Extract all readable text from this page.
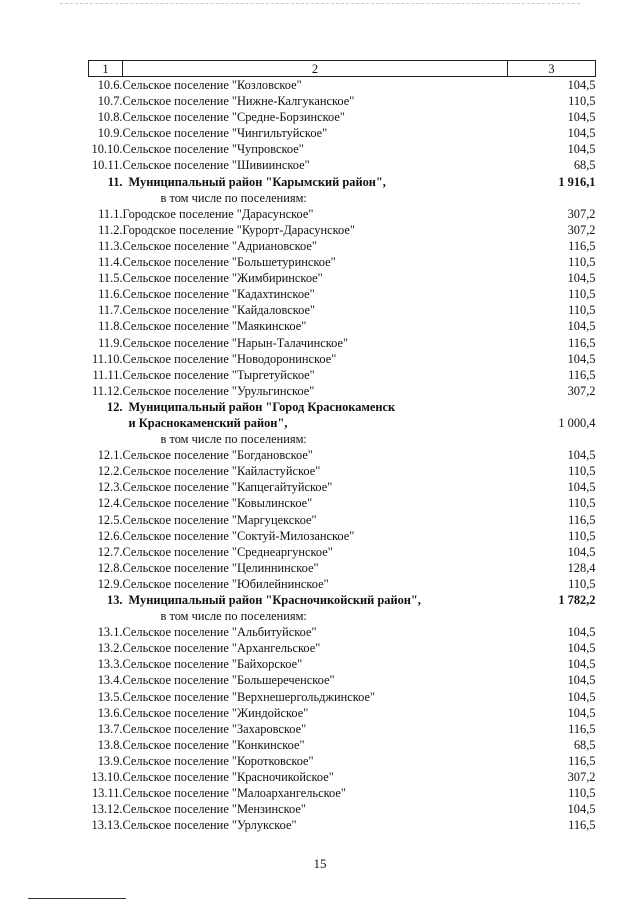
1	2	3
10.6.	Сельское поселение "Козловское"	104,5
10.7.	Сельское поселение "Нижне-Калгуканское"	110,5
10.8.	Сельское поселение "Средне-Борзинское"	104,5
10.9.	Сельское поселение "Чингильтуйское"	104,5
10.10.	Сельское поселение "Чупровское"	104,5
10.11.	Сельское поселение "Шивиинское"	68,5
11.	Муниципальный район "Карымский район",	1 916,1
	в том числе по поселениям:	
11.1.	Городское поселение "Дарасунское"	307,2
11.2.	Городское поселение "Курорт-Дарасунское"	307,2
11.3.	Сельское поселение "Адриановское"	116,5
11.4.	Сельское поселение "Большетуринское"	110,5
11.5.	Сельское поселение "Жимбиринское"	104,5
11.6.	Сельское поселение "Кадахтинское"	110,5
11.7.	Сельское поселение "Кайдаловское"	110,5
11.8.	Сельское поселение "Маякинское"	104,5
11.9.	Сельское поселение "Нарын-Талачинское"	116,5
11.10.	Сельское поселение "Новодоронинское"	104,5
11.11.	Сельское поселение "Тыргетуйское"	116,5
11.12.	Сельское поселение "Урульгинское"	307,2
12.	Муниципальный район "Город Краснокаменск	
	и Краснокаменский район",	1 000,4
	в том числе по поселениям:	
12.1.	Сельское поселение "Богдановское"	104,5
12.2.	Сельское поселение "Кайластуйское"	110,5
12.3.	Сельское поселение "Капцегайтуйское"	104,5
12.4.	Сельское поселение "Ковылинское"	110,5
12.5.	Сельское поселение "Маргуцекское"	116,5
12.6.	Сельское поселение "Соктуй-Милозанское"	110,5
12.7.	Сельское поселение "Среднеаргунское"	104,5
12.8.	Сельское поселение "Целиннинское"	128,4
12.9.	Сельское поселение "Юбилейнинское"	110,5
13.	Муниципальный район "Красночикойский район",	1 782,2
	в том числе по поселениям:	
13.1.	Сельское поселение "Альбитуйское"	104,5
13.2.	Сельское поселение "Архангельское"	104,5
13.3.	Сельское поселение "Байхорское"	104,5
13.4.	Сельское поселение "Большереченское"	104,5
13.5.	Сельское поселение "Верхнешергольджинское"	104,5
13.6.	Сельское поселение "Жиндойское"	104,5
13.7.	Сельское поселение "Захаровское"	116,5
13.8.	Сельское поселение "Конкинское"	68,5
13.9.	Сельское поселение "Коротковское"	116,5
13.10.	Сельское поселение "Красночикойское"	307,2
13.11.	Сельское поселение "Малоархангельское"	110,5
13.12.	Сельское поселение "Мензинское"	104,5
13.13.	Сельское поселение "Урлукское"	116,5
15
